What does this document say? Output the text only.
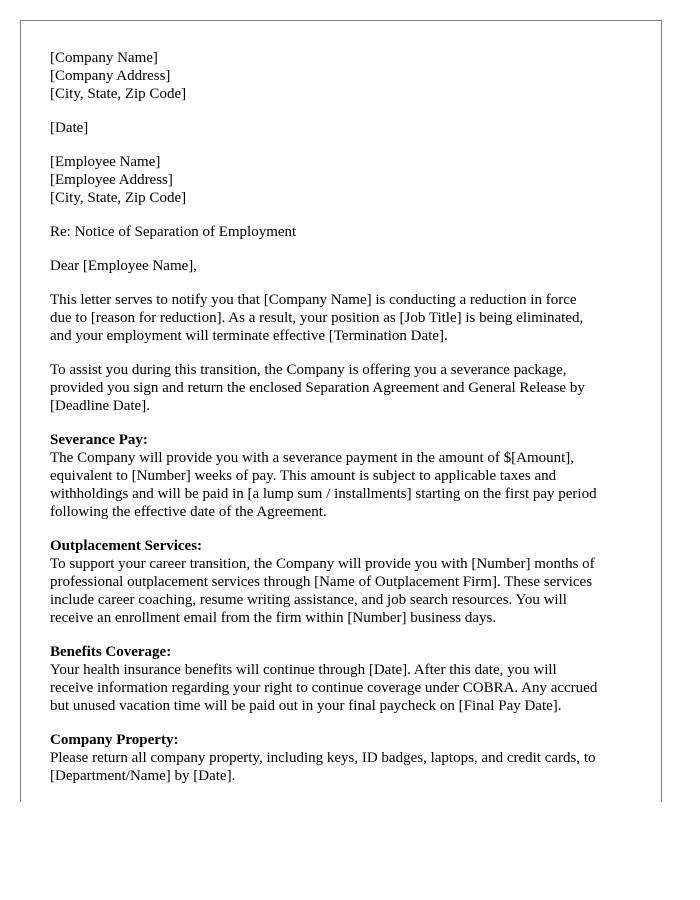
[Company Name]
[Company Address]
[City, State, Zip Code]
[Date]
[Employee Name]
[Employee Address]
[City, State, Zip Code]
Re: Notice of Separation of Employment
Dear [Employee Name],
This letter serves to notify you that [Company Name] is conducting a reduction in force
due to [reason for reduction]. As a result, your position as [Job Title] is being eliminated,
and your employment will terminate effective [Termination Date].
To assist you during this transition, the Company is offering you a severance package,
provided you sign and return the enclosed Separation Agreement and General Release by
[Deadline Date].
Severance Pay:
The Company will provide you with a severance payment in the amount of $[Amount],
equivalent to [Number] weeks of pay. This amount is subject to applicable taxes and
withholdings and will be paid in [a lump sum / installments] starting on the first pay period
following the effective date of the Agreement.
Outplacement Services:
To support your career transition, the Company will provide you with [Number] months of
professional outplacement services through [Name of Outplacement Firm]. These services
include career coaching, resume writing assistance, and job search resources. You will
receive an enrollment email from the firm within [Number] business days.
Benefits Coverage:
Your health insurance benefits will continue through [Date]. After this date, you will
receive information regarding your right to continue coverage under COBRA. Any accrued
but unused vacation time will be paid out in your final paycheck on [Final Pay Date].
Company Property:
Please return all company property, including keys, ID badges, laptops, and credit cards, to
[Department/Name] by [Date].
